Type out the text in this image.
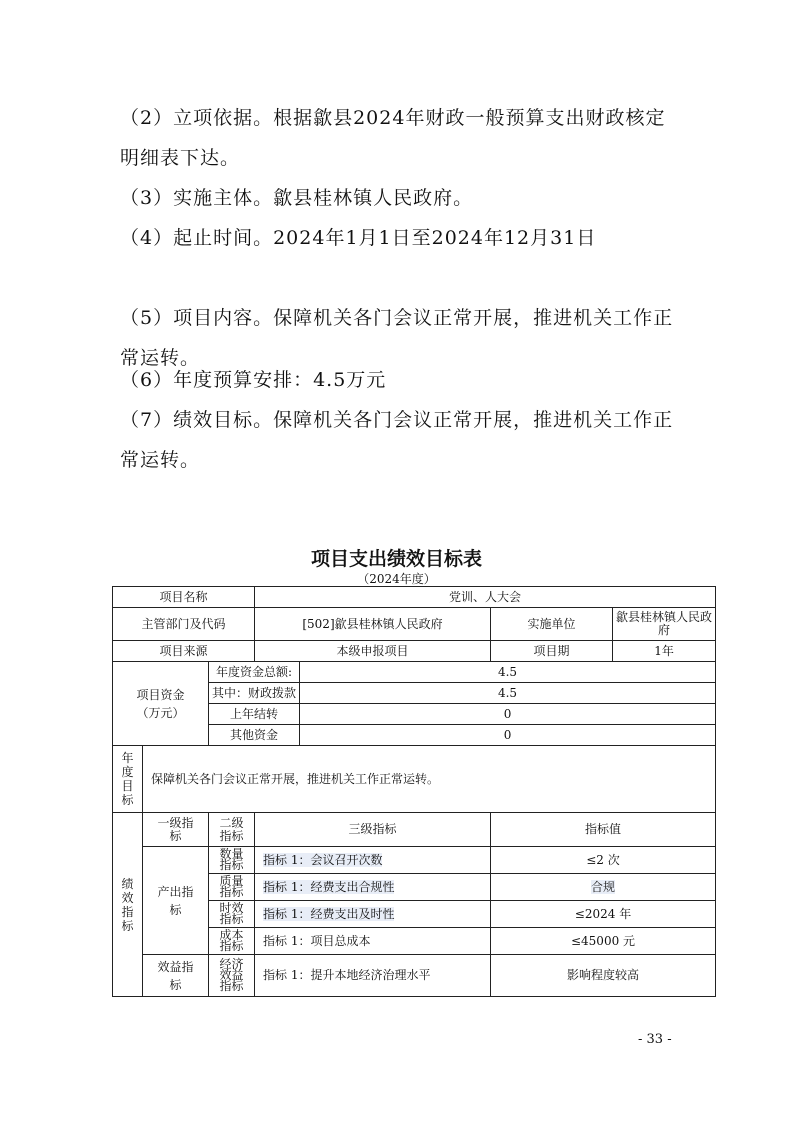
（2）立项依据。根据歙县2024年财政一般预算支出财政核定明细表下达。
（3）实施主体。歙县桂林镇人民政府。
（4）起止时间。2024年1月1日至2024年12月31日
（5）项目内容。保障机关各门会议正常开展，推进机关工作正常运转。
（6）年度预算安排：4.5万元
（7）绩效目标。保障机关各门会议正常开展，推进机关工作正常运转。
项目支出绩效目标表
（2024年度）
项目名称			党训、人大会			
主管部门及代码			[502]歙县桂林镇人民政府		实施单位	歙县桂林镇人民政府
项目来源			本级申报项目		项目期	1年
项目资金（万元）		年度资金总额:		4.5		
		其中：财政拨款		4.5		
		上年结转		0		
		其他资金		0		
年度目标	保障机关各门会议正常开展，推进机关工作正常运转。					
绩效指标	一级指标	二级指标	三级指标		指标值	
	产出指标	数量指标	指标 1：会议召开次数		≤2 次	
		质量指标	指标 1：经费支出合规性		合规	
		时效指标	指标 1：经费支出及时性		≤2024 年	
		成本指标	指标 1：项目总成本		≤45000 元	
	效益指标	经济效益指标	指标 1：提升本地经济治理水平		影响程度较高	
- 33 -
